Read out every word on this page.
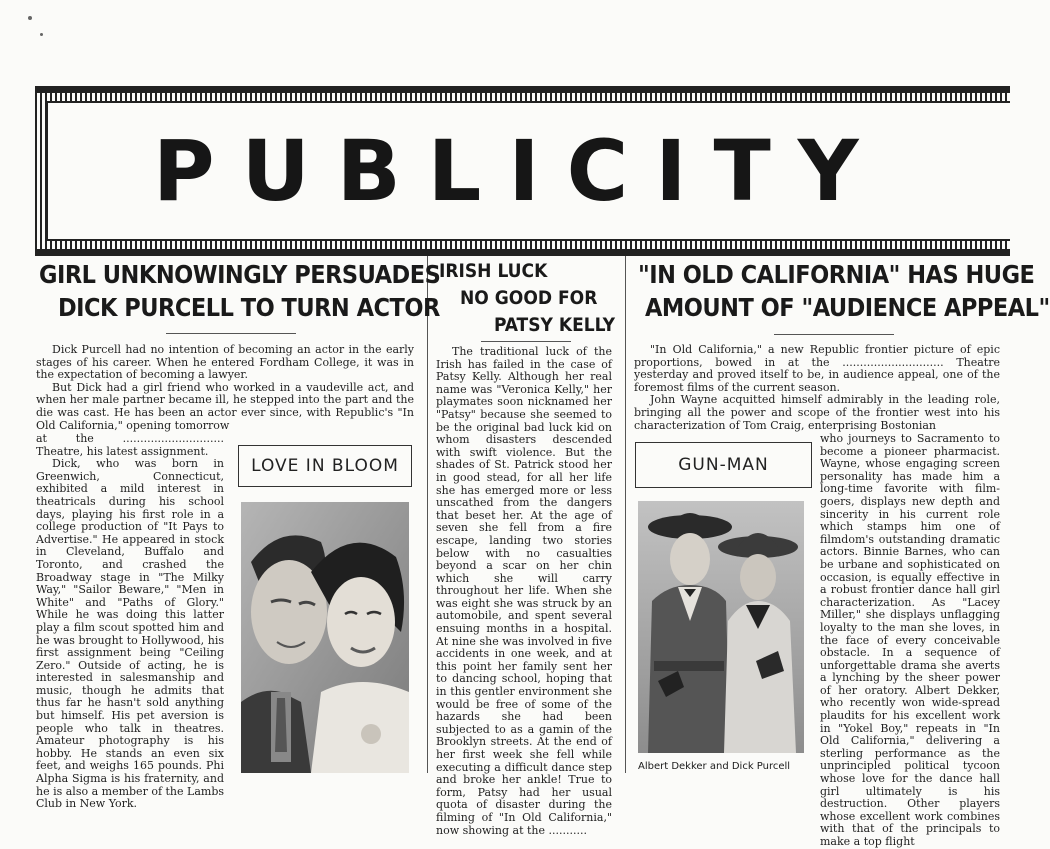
PUBLICITY
GIRL UNKNOWINGLY PERSUADES
DICK PURCELL TO TURN ACTOR

Dick Purcell had no intention of becoming an actor in the early stages of his career. When he entered Fordham College, it was in the expectation of becoming a lawyer.

But Dick had a girl friend who worked in a vaudeville act, and when her male partner became ill, he stepped into the part and the die was cast. He has been an actor ever since, with Republic's "In Old California," opening tomorrow

at the ............................. Theatre, his latest assignment.

Dick, who was born in Greenwich, Connecticut, exhibited a mild interest in theatricals during his school days, playing his first role in a college production of "It Pays to Advertise." He appeared in stock in Cleveland, Buffalo and Toronto, and crashed the Broadway stage in "The Milky Way," "Sailor Beware," "Men in White" and "Paths of Glory." While he was doing this latter play a film scout spotted him and he was brought to Hollywood, his first assignment being "Ceiling Zero." Outside of acting, he is interested in salesmanship and music, though he admits that thus far he hasn't sold anything but himself. His pet aversion is people who talk in theatres. Amateur photography is his hobby. He stands an even six feet, and weighs 165 pounds. Phi Alpha Sigma is his fraternity, and he is also a member of the Lambs Club in New York.

LOVE IN BLOOM
IRISH LUCK
NO GOOD FOR
PATSY KELLY

The traditional luck of the Irish has failed in the case of Patsy Kelly. Although her real name was "Veronica Kelly," her playmates soon nicknamed her "Patsy" because she seemed to be the original bad luck kid on whom disasters descended with swift violence. But the shades of St. Patrick stood her in good stead, for all her life she has emerged more or less unscathed from the dangers that beset her. At the age of seven she fell from a fire escape, landing two stories below with no casualties beyond a scar on her chin which she will carry throughout her life. When she was eight she was struck by an automobile, and spent several ensuing months in a hospital. At nine she was involved in five accidents in one week, and at this point her family sent her to dancing school, hoping that in this gentler environment she would be free of some of the hazards she had been subjected to as a gamin of the Brooklyn streets. At the end of her first week she fell while executing a difficult dance step and broke her ankle! True to form, Patsy had her usual quota of disaster during the filming of "In Old California," now showing at the ...........

"IN OLD CALIFORNIA" HAS HUGE
AMOUNT OF "AUDIENCE APPEAL"

"In Old California," a new Republic frontier picture of epic proportions, bowed in at the ............................. Theatre yesterday and proved itself to be, in audience appeal, one of the foremost films of the current season.

John Wayne acquitted himself admirably in the leading role, bringing all the power and scope of the frontier west into his characterization of Tom Craig, enterprising Bostonian

GUN-MAN
Albert Dekker and Dick Purcell

who journeys to Sacramento to become a pioneer pharmacist. Wayne, whose engaging screen personality has made him a long-time favorite with film-goers, displays new depth and sincerity in his current role which stamps him one of filmdom's outstanding dramatic actors. Binnie Barnes, who can be urbane and sophisticated on occasion, is equally effective in a robust frontier dance hall girl characterization. As "Lacey Miller," she displays unflagging loyalty to the man she loves, in the face of every conceivable obstacle. In a sequence of unforgettable drama she averts a lynching by the sheer power of her oratory. Albert Dekker, who recently won wide-spread plaudits for his excellent work in "Yokel Boy," repeats in "In Old California," delivering a sterling performance as the unprincipled political tycoon whose love for the dance hall girl ultimately is his destruction. Other players whose excellent work combines with that of the principals to make a top flight
